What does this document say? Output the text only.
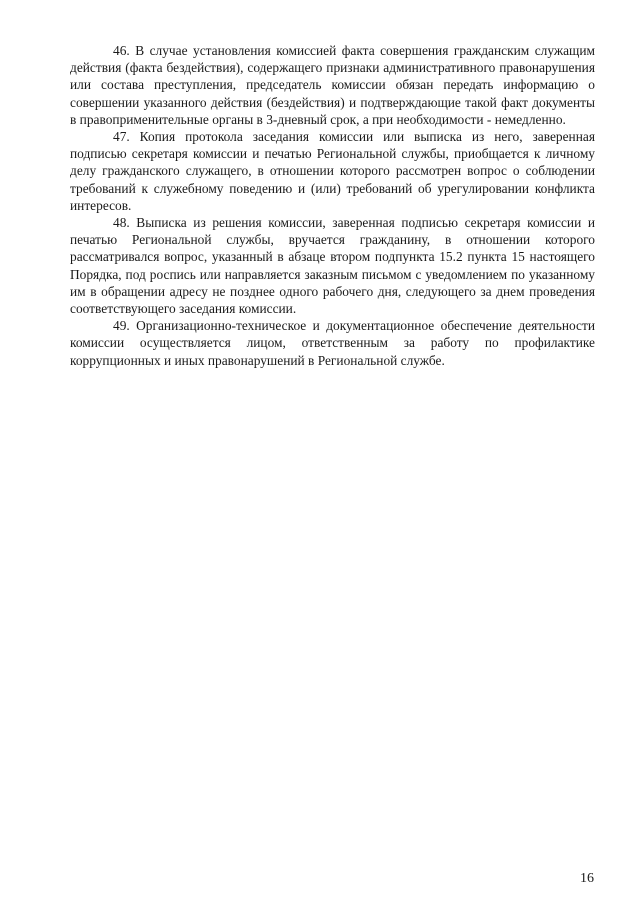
46. В случае установления комиссией факта совершения гражданским служащим действия (факта бездействия), содержащего признаки административного правонарушения или состава преступления, председатель комиссии обязан передать информацию о совершении указанного действия (бездействия) и подтверждающие такой факт документы в правоприменительные органы в 3-дневный срок, а при необходимости - немедленно.

47. Копия протокола заседания комиссии или выписка из него, заверенная подписью секретаря комиссии и печатью Региональной службы, приобщается к личному делу гражданского служащего, в отношении которого рассмотрен вопрос о соблюдении требований к служебному поведению и (или) требований об урегулировании конфликта интересов.

48. Выписка из решения комиссии, заверенная подписью секретаря комиссии и печатью Региональной службы, вручается гражданину, в отношении которого рассматривался вопрос, указанный в абзаце втором подпункта 15.2 пункта 15 настоящего Порядка, под роспись или направляется заказным письмом с уведомлением по указанному им в обращении адресу не позднее одного рабочего дня, следующего за днем проведения соответствующего заседания комиссии.

49. Организационно-техническое и документационное обеспечение деятельности комиссии осуществляется лицом, ответственным за работу по профилактике коррупционных и иных правонарушений в Региональной службе.

16
